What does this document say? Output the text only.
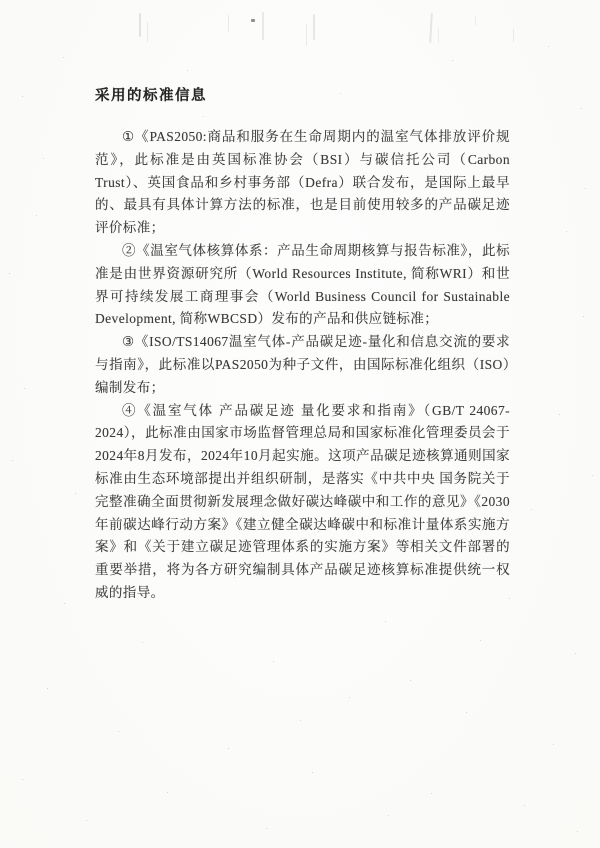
采用的标准信息

①《PAS2050:商品和服务在生命周期内的温室气体排放评价规范》，此标准是由英国标准协会（BSI）与碳信托公司（Carbon Trust）、英国食品和乡村事务部（Defra）联合发布，是国际上最早的、最具有具体计算方法的标准，也是目前使用较多的产品碳足迹评价标准；

②《温室气体核算体系：产品生命周期核算与报告标准》，此标准是由世界资源研究所（World Resources Institute, 简称WRI）和世界可持续发展工商理事会（World Business Council for Sustainable Development, 简称WBCSD）发布的产品和供应链标准；

③《ISO/TS14067温室气体-产品碳足迹-量化和信息交流的要求与指南》，此标准以PAS2050为种子文件，由国际标准化组织（ISO）编制发布；

④《温室气体 产品碳足迹 量化要求和指南》（GB/T 24067-2024），此标准由国家市场监督管理总局和国家标准化管理委员会于2024年8月发布，2024年10月起实施。这项产品碳足迹核算通则国家标准由生态环境部提出并组织研制，是落实《中共中央 国务院关于完整准确全面贯彻新发展理念做好碳达峰碳中和工作的意见》《2030年前碳达峰行动方案》《建立健全碳达峰碳中和标准计量体系实施方案》和《关于建立碳足迹管理体系的实施方案》等相关文件部署的重要举措，将为各方研究编制具体产品碳足迹核算标准提供统一权威的指导。
